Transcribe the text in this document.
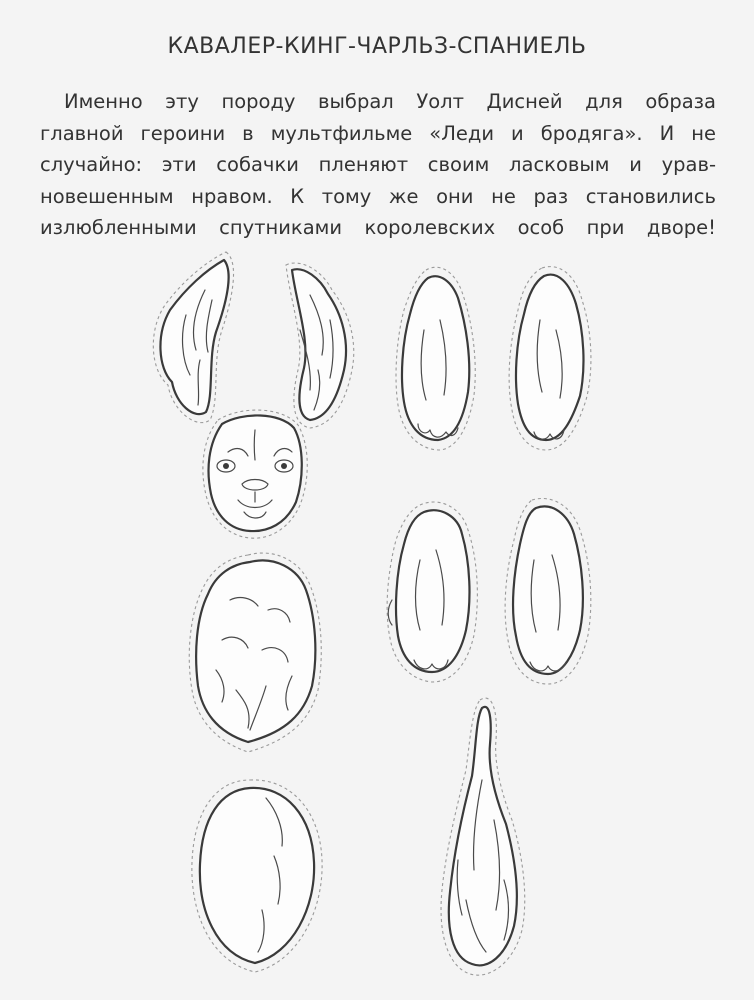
КАВАЛЕР-КИНГ-ЧАРЛЬЗ-СПАНИЕЛЬ
Именно эту породу выбрал Уолт Дисней для образа
главной героини в мультфильме «Леди и бродяга». И не
случайно: эти собачки пленяют своим ласковым и урав-
новешенным нравом. К тому же они не раз становились
излюбленными спутниками королевских особ при дворе!
